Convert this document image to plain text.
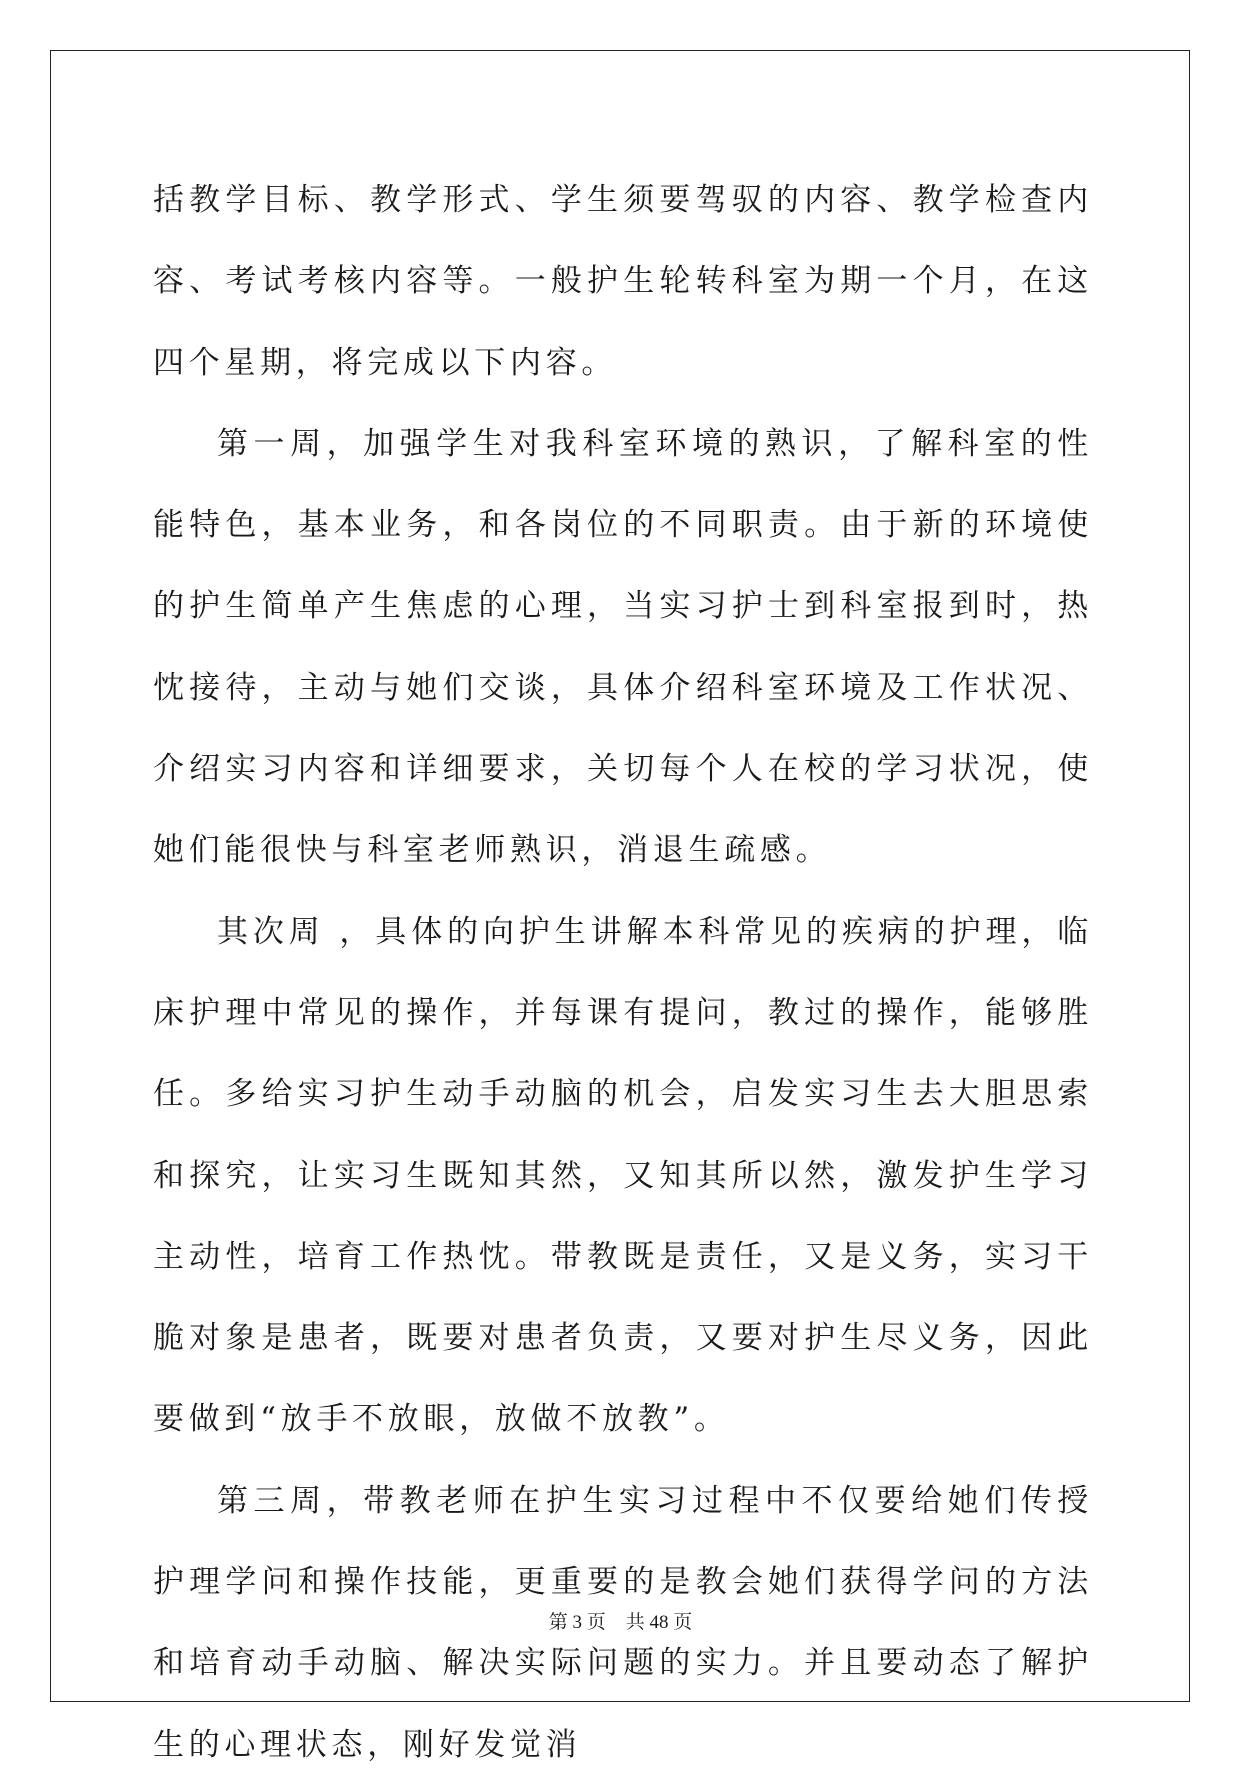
括教学目标、教学形式、学生须要驾驭的内容、教学检查内容、考试考核内容等。一般护生轮转科室为期一个月，在这四个星期，将完成以下内容。

第一周，加强学生对我科室环境的熟识，了解科室的性能特色，基本业务，和各岗位的不同职责。由于新的环境使的护生简单产生焦虑的心理，当实习护士到科室报到时，热忱接待，主动与她们交谈，具体介绍科室环境及工作状况、介绍实习内容和详细要求，关切每个人在校的学习状况，使她们能很快与科室老师熟识，消退生疏感。

其次周 ，具体的向护生讲解本科常见的疾病的护理，临床护理中常见的操作，并每课有提问，教过的操作，能够胜任。多给实习护生动手动脑的机会，启发实习生去大胆思索和探究，让实习生既知其然，又知其所以然，激发护生学习主动性，培育工作热忱。带教既是责任，又是义务，实习干脆对象是患者，既要对患者负责，又要对护生尽义务，因此要做到“放手不放眼，放做不放教”。

第三周，带教老师在护生实习过程中不仅要给她们传授护理学问和操作技能，更重要的是教会她们获得学问的方法和培育动手动脑、解决实际问题的实力。并且要动态了解护生的心理状态，刚好发觉消

第 3 页 共 48 页
